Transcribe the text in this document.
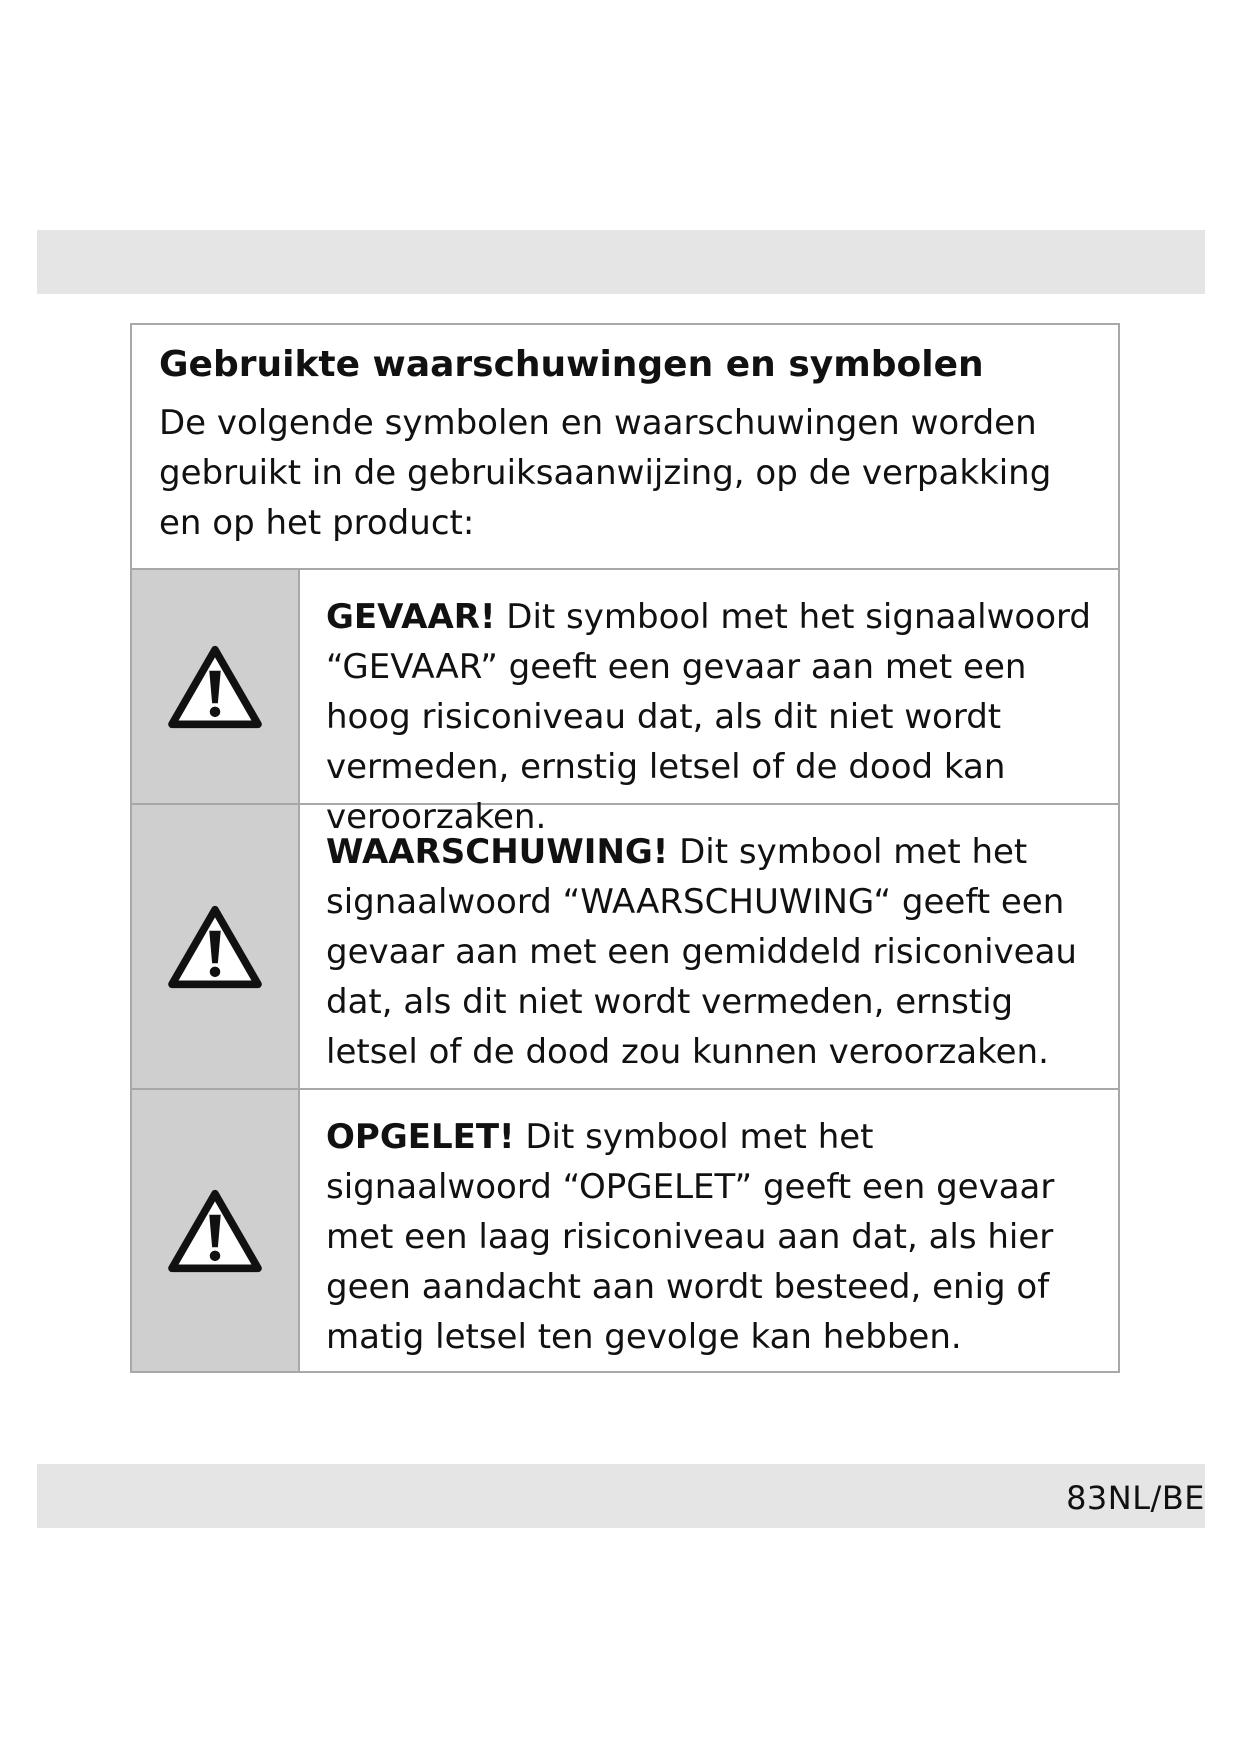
Gebruikte waarschuwingen en symbolen

De volgende symbolen en waarschuwingen worden gebruikt in de gebruiksaanwijzing, op de verpakking en op het product:

GEVAAR! Dit symbool met het signaalwoord “GEVAAR” geeft een gevaar aan met een hoog risiconiveau dat, als dit niet wordt vermeden, ernstig letsel of de dood kan veroorzaken.
WAARSCHUWING! Dit symbool met het signaalwoord “WAARSCHUWING“ geeft een gevaar aan met een gemiddeld risiconiveau dat, als dit niet wordt vermeden, ernstig letsel of de dood zou kunnen veroorzaken.
OPGELET! Dit symbool met het signaalwoord “OPGELET” geeft een gevaar met een laag risiconiveau aan dat, als hier geen aandacht aan wordt besteed, enig of matig letsel ten gevolge kan hebben.
83NL/BE
